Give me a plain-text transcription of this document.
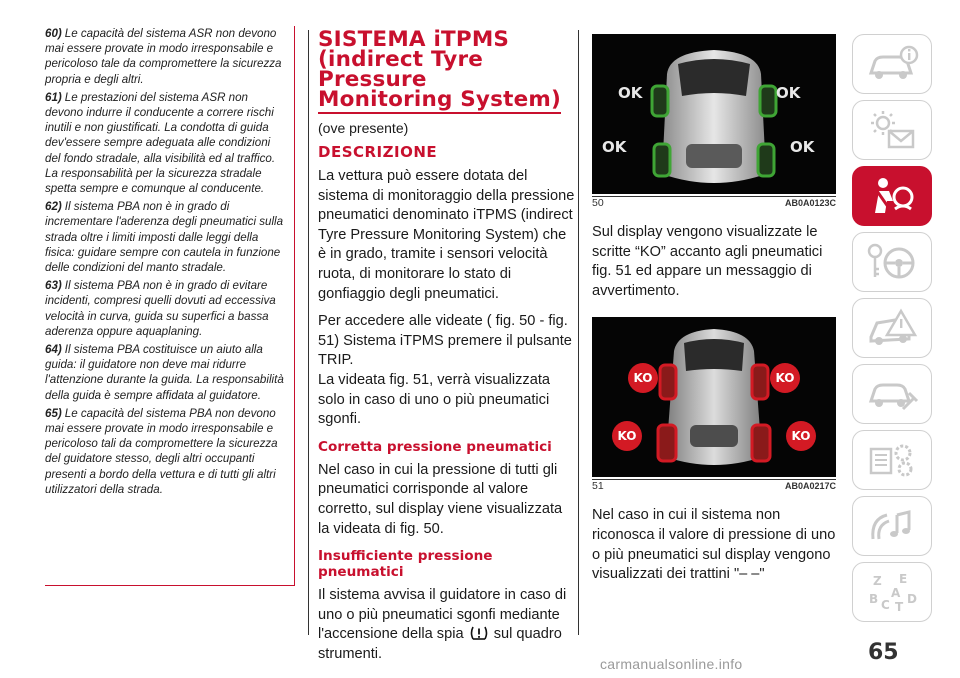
60) Le capacità del sistema ASR non devono mai essere provate in modo irresponsabile e pericoloso tale da compromettere la sicurezza propria e degli altri.

61) Le prestazioni del sistema ASR non devono indurre il conducente a correre rischi inutili e non giustificati. La condotta di guida dev'essere sempre adeguata alle condizioni del fondo stradale, alla visibilità ed al traffico. La responsabilità per la sicurezza stradale spetta sempre e comunque al conducente.

62) Il sistema PBA non è in grado di incrementare l'aderenza degli pneumatici sulla strada oltre i limiti imposti dalle leggi della fisica: guidare sempre con cautela in funzione delle condizioni del manto stradale.

63) Il sistema PBA non è in grado di evitare incidenti, compresi quelli dovuti ad eccessiva velocità in curva, guida su superfici a bassa aderenza oppure aquaplaning.

64) Il sistema PBA costituisce un aiuto alla guida: il guidatore non deve mai ridurre l'attenzione durante la guida. La responsabilità della guida è sempre affidata al guidatore.

65) Le capacità del sistema PBA non devono mai essere provate in modo irresponsabile e pericoloso tali da compromettere la sicurezza del guidatore stesso, degli altri occupanti presenti a bordo della vettura e di tutti gli altri utilizzatori della strada.

SISTEMA iTPMS
(indirect Tyre
Pressure
Monitoring System)
(ove presente)
DESCRIZIONE

La vettura può essere dotata del sistema di monitoraggio della pressione pneumatici denominato iTPMS (indirect Tyre Pressure Monitoring System) che è in grado, tramite i sensori velocità ruota, di monitorare lo stato di gonfiaggio degli pneumatici.

Per accedere alle videate ( fig. 50 - fig. 51) Sistema iTPMS premere il pulsante TRIP.

La videata fig. 51, verrà visualizzata solo in caso di uno o più pneumatici sgonfi.

Corretta pressione pneumatici

Nel caso in cui la pressione di tutti gli pneumatici corrisponde al valore corretto, sul display viene visualizzata la videata di fig. 50.

Insufficiente pressione pneumatici

Il sistema avvisa il guidatore in caso di uno o più pneumatici sgonfi mediante l'accensione della spia sul quadro strumenti.

OK	OK
OK	OK
50	AB0A0123C

Sul display vengono visualizzate le scritte “KO” accanto agli pneumatici fig. 51 ed appare un messaggio di avvertimento.

KO	KO
KO	KO
51	AB0A0217C

Nel caso in cui il sistema non riconosca il valore di pressione di uno o più pneumatici sul display vengono visualizzati dei trattini "– –"	Z E
B A D
C T
65
carmanualsonline.info
